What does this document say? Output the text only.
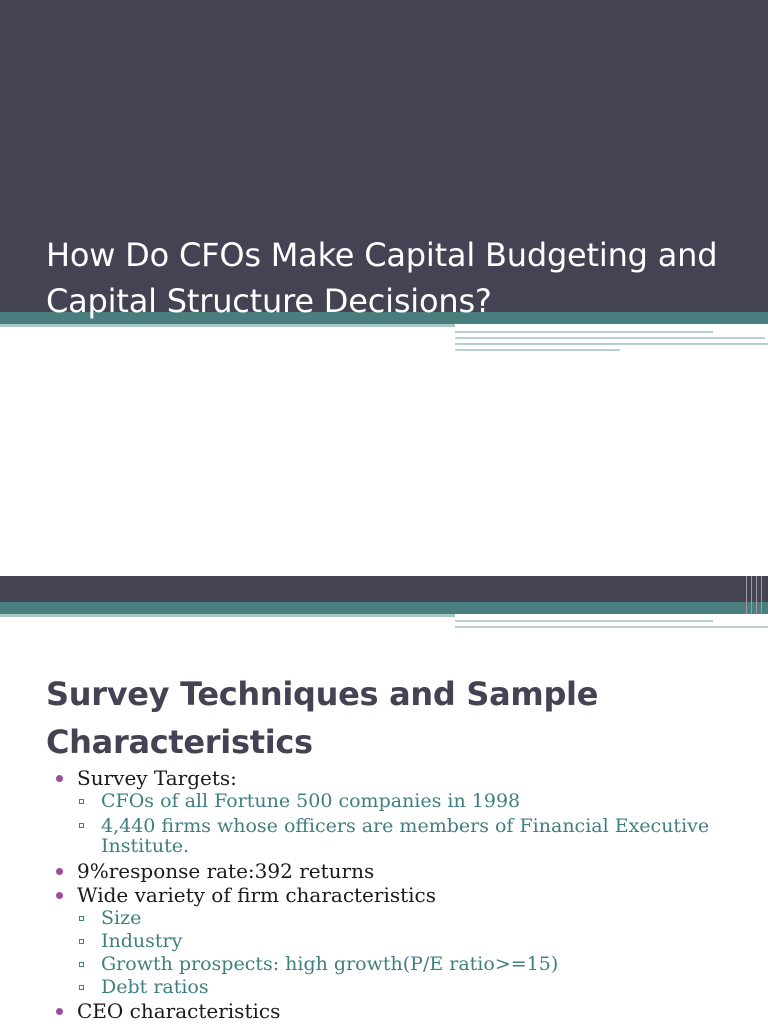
How Do CFOs Make Capital Budgeting and Capital Structure Decisions?
Survey Techniques and Sample Characteristics
Survey Targets:
CFOs of all Fortune 500 companies in 1998
4,440 firms whose officers are members of Financial Executive Institute.
9%response rate:392 returns
Wide variety of firm characteristics
Size
Industry
Growth prospects: high growth(P/E ratio>=15)
Debt ratios
CEO characteristics
